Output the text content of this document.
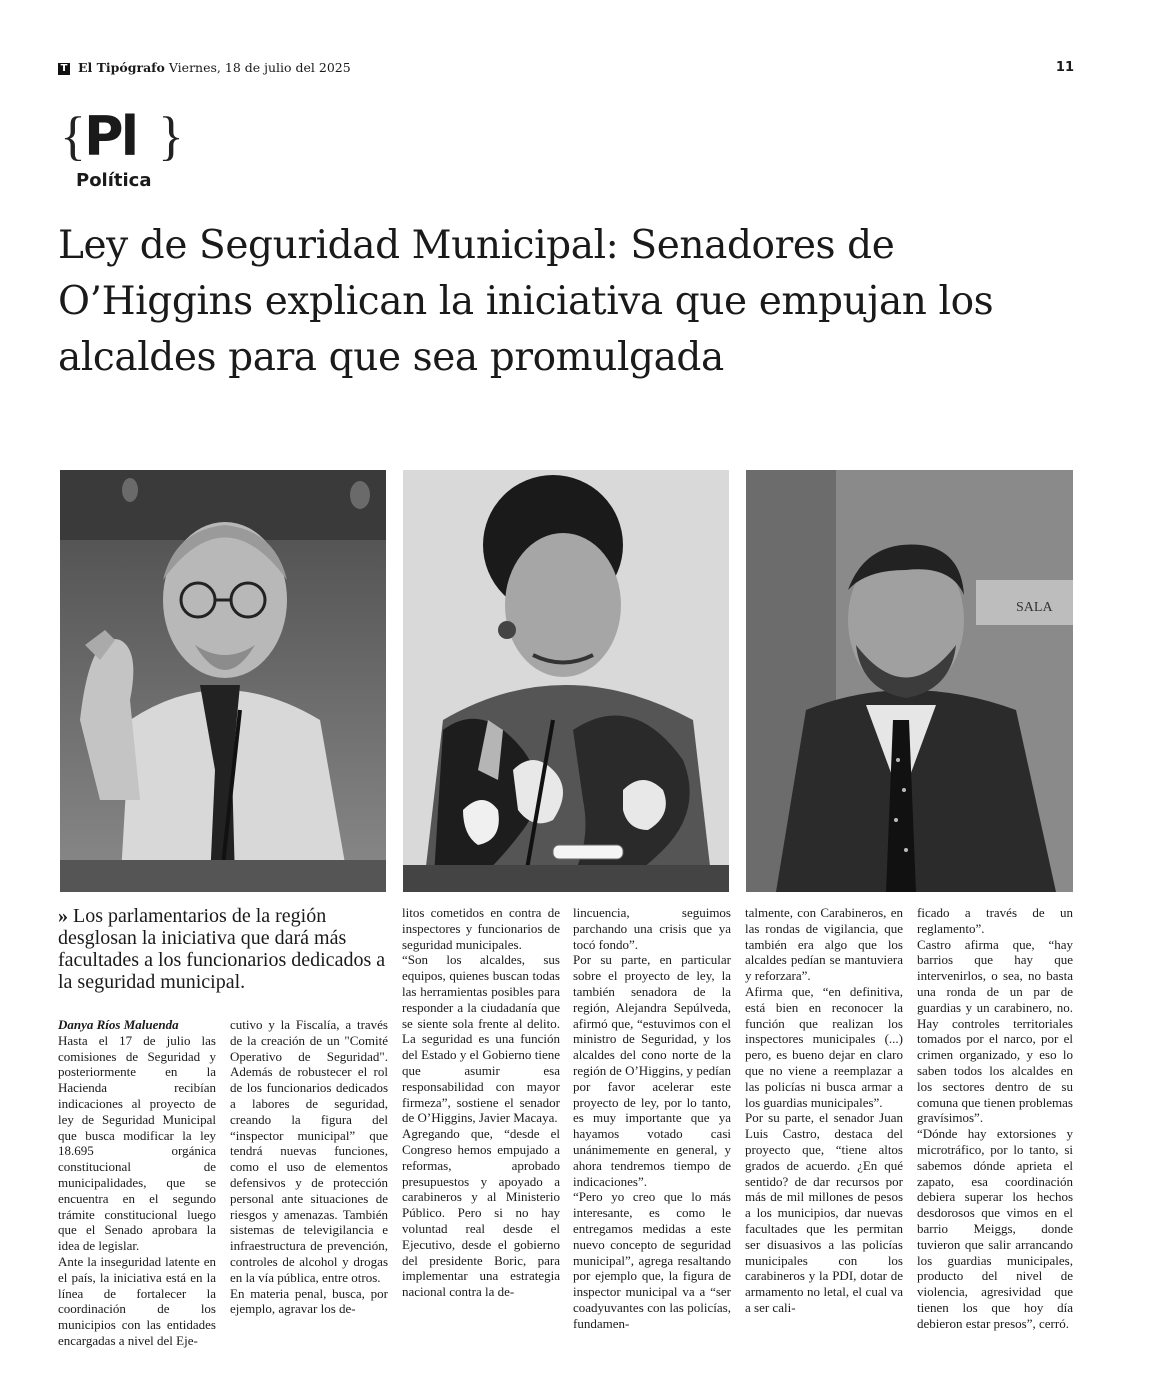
T El Tipógrafo Viernes, 18 de julio del 2025	11
{
Pl }
Política
Ley de Seguridad Municipal: Senadores de O’Higgins explican la iniciativa que empujan los alcaldes para que sea promulgada
SALA
» Los parlamentarios de la región desglosan la iniciativa que dará más facultades a los funcionarios dedicados a la seguridad municipal.

Danya Ríos Maluenda

Hasta el 17 de julio las comisiones de Seguridad y posteriormente en la Hacienda recibían indicaciones al proyecto de ley de Seguridad Municipal que busca modificar la ley 18.695 orgánica constitucional de municipalidades, que se encuentra en el segundo trámite constitucional luego que el Senado aprobara la idea de legislar.

Ante la inseguridad latente en el país, la iniciativa está en la línea de fortalecer la coordinación de los municipios con las entidades encargadas a nivel del Eje-

cutivo y la Fiscalía, a través de la creación de un "Comité Operativo de Seguridad". Además de robustecer el rol de los funcionarios dedicados a labores de seguridad, creando la figura del “inspector municipal” que tendrá nuevas funciones, como el uso de elementos defensivos y de protección personal ante situaciones de riesgos y amenazas. También sistemas de televigilancia e infraestructura de prevención, controles de alcohol y drogas en la vía pública, entre otros.

En materia penal, busca, por ejemplo, agravar los de-

litos cometidos en contra de inspectores y funcionarios de seguridad municipales.

“Son los alcaldes, sus equipos, quienes buscan todas las herramientas posibles para responder a la ciudadanía que se siente sola frente al delito. La seguridad es una función del Estado y el Gobierno tiene que asumir esa responsabilidad con mayor firmeza”, sostiene el senador de O’Higgins, Javier Macaya.

Agregando que, “desde el Congreso hemos empujado a reformas, aprobado presupuestos y apoyado a carabineros y al Ministerio Público. Pero si no hay voluntad real desde el Ejecutivo, desde el gobierno del presidente Boric, para implementar una estrategia nacional contra la de-

lincuencia, seguimos parchando una crisis que ya tocó fondo”.

Por su parte, en particular sobre el proyecto de ley, la también senadora de la región, Alejandra Sepúlveda, afirmó que, “estuvimos con el ministro de Seguridad, y los alcaldes del cono norte de la región de O’Higgins, y pedían por favor acelerar este proyecto de ley, por lo tanto, es muy importante que ya hayamos votado casi unánimemente en general, y ahora tendremos tiempo de indicaciones”.

“Pero yo creo que lo más interesante, es como le entregamos medidas a este nuevo concepto de seguridad municipal”, agrega resaltando por ejemplo que, la figura de inspector municipal va a “ser coadyuvantes con las policías, fundamen-

talmente, con Carabineros, en las rondas de vigilancia, que también era algo que los alcaldes pedían se mantuviera y reforzara”.

Afirma que, “en definitiva, está bien en reconocer la función que realizan los inspectores municipales (...) pero, es bueno dejar en claro que no viene a reemplazar a las policías ni busca armar a los guardias municipales”.

Por su parte, el senador Juan Luis Castro, destaca del proyecto que, “tiene altos grados de acuerdo. ¿En qué sentido? de dar recursos por más de mil millones de pesos a los municipios, dar nuevas facultades que les permitan ser disuasivos a las policías municipales con los carabineros y la PDI, dotar de armamento no letal, el cual va a ser cali-

ficado a través de un reglamento”.

Castro afirma que, “hay barrios que hay que intervenirlos, o sea, no basta una ronda de un par de guardias y un carabinero, no. Hay controles territoriales tomados por el narco, por el crimen organizado, y eso lo saben todos los alcaldes en los sectores dentro de su comuna que tienen problemas gravísimos”.

“Dónde hay extorsiones y microtráfico, por lo tanto, si sabemos dónde aprieta el zapato, esa coordinación debiera superar los hechos desdorosos que vimos en el barrio Meiggs, donde tuvieron que salir arrancando los guardias municipales, producto del nivel de violencia, agresividad que tienen los que hoy día debieron estar presos”, cerró.
